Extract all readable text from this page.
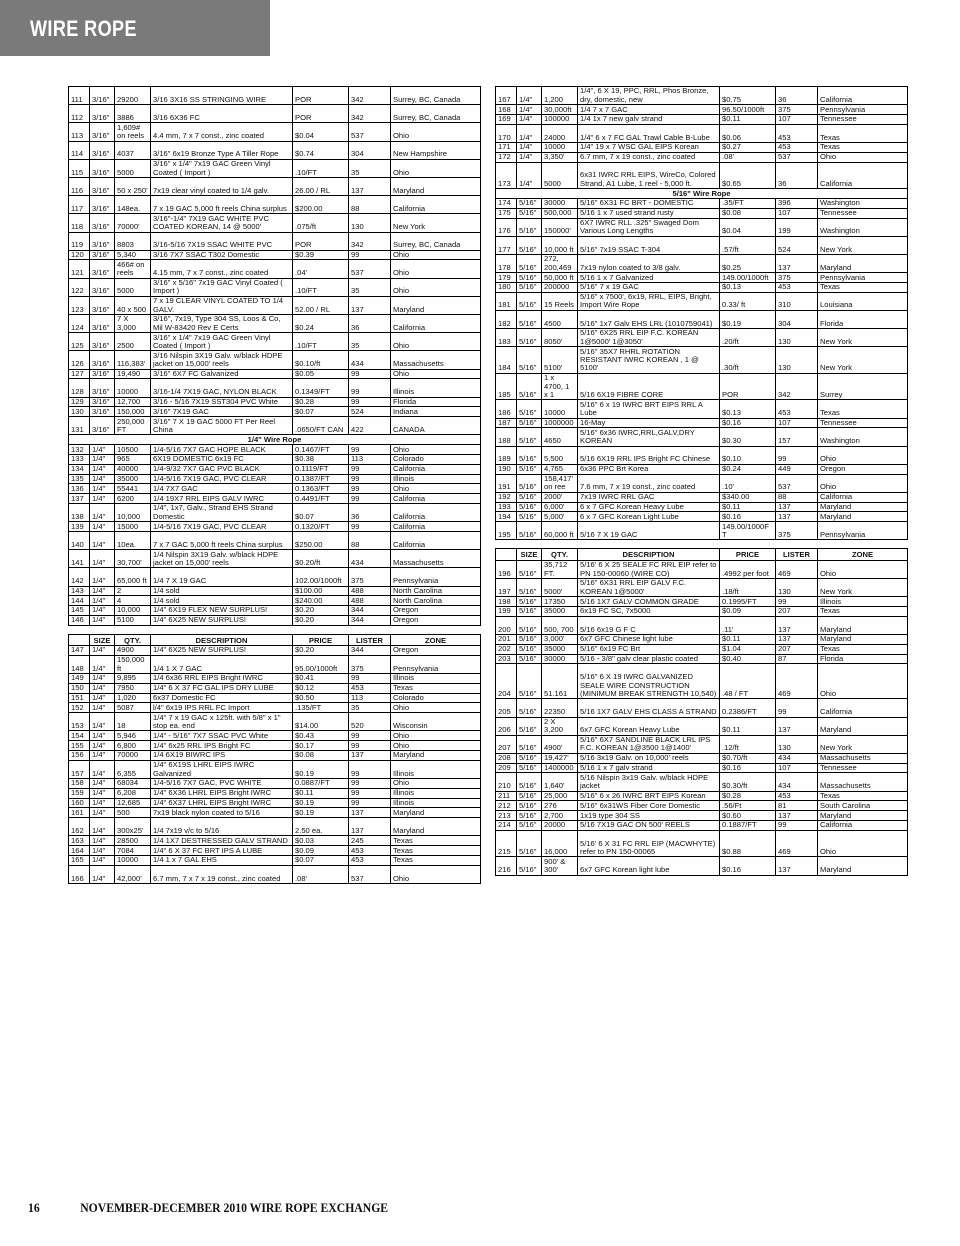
WIRE ROPE
111	3/16"	29200	3/16 3X16 SS STRINGING WIRE	POR	342	Surrey, BC, Canada
112	3/16"	3886	3/16 6X36 FC	POR	342	Surrey, BC, Canada
113	3/16"	1,609# on reels	4.4 mm, 7 x 7 const., zinc coated	$0.04	537	Ohio
114	3/16"	4037	3/16" 6x19 Bronze Type A Tiller Rope	$0.74	304	New Hampshire
115	3/16"	5000	3/16" x 1/4" 7x19 GAC Green Vinyl Coated ( Import )	.10/FT	35	Ohio
116	3/16"	50 x 250'	7x19 clear vinyl coated to 1/4 galv.	26.00 / RL	137	Maryland
117	3/16"	148ea.	7 x 19 GAC 5,000 ft reels China surplus	$200.00	88	California
118	3/16"	70000'	3/16"-1/4" 7X19 GAC WHITE PVC COATED KOREAN, 14 @ 5000'	.075/ft	130	New York
119	3/16"	8803	3/16-5/16 7X19 SSAC WHITE PVC	POR	342	Surrey, BC, Canada
120	3/16"	5,340	3/16 7X7 SSAC T302 Domestic	$0.39	99	Ohio
121	3/16"	466# on reels	4.15 mm, 7 x 7 const., zinc coated	.04'	537	Ohio
122	3/16"	5000	3/16" x 5/16" 7x19 GAC Vinyl Coated ( Import )	.10/FT	35	Ohio
123	3/16"	40 x 500	7 x 19 CLEAR VINYL COATED TO 1/4 GALV.	52.00 / RL	137	Maryland
124	3/16"	7 X 3,000	3/16", 7x19, Type 304 SS, Loos & Co, Mil W-83420 Rev E Certs	$0.24	36	California
125	3/16"	2500	3/16" x 1/4" 7x19 GAC Green Vinyl Coated ( Import )	.10/FT	35	Ohio
126	3/16"	116,383'	3/16 Nilspin 3X19 Galv. w/black HDPE jacket on 15,000' reels	$0.10/ft	434	Massachusetts
127	3/16"	19,490	3/16" 6X7 FC Galvanized	$0.05	99	Ohio
128	3/16"	10000	3/16-1/4 7X19 GAC, NYLON BLACK	0.1349/FT	99	Illinois
129	3/16"	12,700	3/16 - 5/16 7X19 SST304 PVC White	$0.28	99	Florida
130	3/16"	150,000	3/16" 7X19 GAC	$0.07	524	Indiana
131	3/16"	250,000 FT	3/16" 7 X 19 GAC 5000 FT Per Reel China	.0650/FT CAN	422	CANADA
1/4" Wire Rope						
132	1/4"	10500	1/4-5/16 7X7 GAC HOPE BLACK	0.1467/FT	99	Ohio
133	1/4"	965	6X19 DOMESTIC 6x19 FC	$0.38	113	Colorado
134	1/4"	40000	1/4-9/32 7X7 GAC PVC BLACK	0.1119/FT	99	California
135	1/4"	35000	1/4-5/16 7X19 GAC, PVC CLEAR	0.1387/FT	99	Illinois
136	1/4"	55441	1/4 7X7 GAC	0.1363/FT	99	Ohio
137	1/4"	6200	1/4 19X7 RRL EIPS GALV IWRC	0.4491/FT	99	California
138	1/4"	10,000	1/4", 1x7, Galv., Strand EHS Strand Domestic	$0.07	36	California
139	1/4"	15000	1/4-5/16 7X19 GAC, PVC CLEAR	0.1320/FT	99	California
140	1/4"	10ea.	7 x 7 GAC 5,000 ft reels China surplus	$250.00	88	California
141	1/4"	30,700'	1/4 Nilspin 3X19 Galv. w/black HDPE jacket on 15,000' reels	$0.20/ft	434	Massachusetts
142	1/4"	65,000 ft	1/4 7 X 19 GAC	102.00/1000ft	375	Pennsylvania
143	1/4"	2	1/4 sold	$100.00	488	North Carolina
144	1/4"	4	1/4 sold	$240.00	488	North Carolina
145	1/4"	10,000	1/4" 6X19 FLEX NEW SURPLUS!	$0.20	344	Oregon
146	1/4"	5100	1/4" 6X25 NEW SURPLUS!	$0.20	344	Oregon

	SIZE	QTY.	DESCRIPTION	PRICE	LISTER	ZONE
147	1/4"	4900	1/4" 6X25 NEW SURPLUS!	$0.20	344	Oregon
148	1/4"	150,000 ft	1/4 1 X 7 GAC	95.00/1000ft	375	Pennsylvania
149	1/4"	9,895	1/4 6x36 RRL EIPS Bright IWRC	$0.41	99	Illinois
150	1/4"	7950	1/4" 6 X 37 FC GAL IPS DRY LUBE	$0.12	453	Texas
151	1/4"	1,020	6x37 Domestic FC	$0.50	113	Colorado
152	1/4"	5087	l/4" 6x19 IPS RRL FC Import	.135/FT	35	Ohio
153	1/4"	18	1/4" 7 x 19 GAC x 125ft. with 5/8" x 1" stop ea. end	$14.00	520	Wisconsin
154	1/4"	5,946	1/4" - 5/16" 7X7 SSAC PVC White	$0.43	99	Ohio
155	1/4"	6,800	1/4" 6x25 RRL IPS Bright FC	$0.17	99	Ohio
156	1/4"	70000	1/4 6X19 BIWRC IPS	$0.08	137	Maryland
157	1/4"	6,355	1/4" 6X19S LHRL EIPS IWRC Galvanized	$0.19	99	Illinois
158	1/4"	68034	1/4-5/16 7X7 GAC, PVC WHITE	0.0887/FT	99	Ohio
159	1/4"	6,208	1/4" 6X36 LHRL EIPS Bright IWRC	$0.11	99	Illinois
160	1/4"	12,685	1/4" 6X37 LHRL EIPS Bright IWRC	$0.19	99	Illinois
161	1/4"	500	7x19 black nylon coated to 5/16	$0.19	137	Maryland
162	1/4"	300x25'	1/4 7x19 v/c to 5/16	2.50 ea.	137	Maryland
163	1/4"	28500	1/4 1X7 DESTRESSED GALV STRAND	$0.03	245	Texas
164	1/4"	7084	1/4" 6 X 37 FC BRT IPS A LUBE	$0.09	453	Texas
165	1/4"	10000	1/4 1 x 7 GAL EHS	$0.07	453	Texas
166	1/4"	42,000'	6.7 mm, 7 x 7 x 19 const., zinc coated	.08'	537	Ohio
167	1/4"	1,200	1/4", 6 X 19, PPC, RRL, Phos Bronze, dry, domestic, new	$0.75	36	California
168	1/4"	30,000ft	1/4 7 x 7 GAC	96.50/1000ft	375	Pennsylvania
169	1/4"	100000	1/4 1x 7 new galv strand	$0.11	107	Tennessee
170	1/4"	24000	1/4" 6 x 7 FC GAL Trawl Cable B-Lube	$0.06	453	Texas
171	1/4"	10000	1/4" 19 x 7 WSC GAL EIPS Korean	$0.27	453	Texas
172	1/4"	3,350'	6.7 mm, 7 x 19 const., zinc coated	.08'	537	Ohio
173	1/4"	5000	6x31 IWRC RRL EIPS, WireCo, Colored Strand, A1 Lube, 1 reel - 5,000 ft.	$0.65	36	California
5/16" Wire Rope						
174	5/16"	30000	5/16" 6X31 FC BRT - DOMESTIC	.35/FT	396	Washington
175	5/16"	500,000	5/16 1 x 7 used strand rusty	$0.08	107	Tennessee
176	5/16"	150000'	6X7 IWRC RLL .325" Swaged Dom Various Long Lengths	$0.04	199	Washington
177	5/16"	10,000 ft	5/16" 7x19 SSAC T-304	.57/ft	524	New York
178	5/16"	272, 200,469	7x19 nylon coated to 3/8 galv.	$0.25	137	Maryland
179	5/16"	50,000 ft	5/16 1 x 7 Galvanized	149.00/1000ft	375	Pennsylvania
180	5/16"	200000	5/16" 7 x 19 GAC	$0.13	453	Texas
181	5/16"	15 Reels	5/16" x 7500', 6x19, RRL, EIPS, Bright, Import Wire Rope	0.33/ ft	310	Louisiana
182	5/16"	4500	5/16" 1x7 Galv EHS LRL (1010759041)	$0.19	304	Florida
183	5/16"	8050'	5/16" 6X25 RRL EIP F.C. KOREAN 1@5000' 1@3050'	.20/ft	130	New York
184	5/16"	5100'	5/16" 35X7 RHRL ROTATION RESISTANT IWRC KOREAN , 1 @ 5100'	.30/ft	130	New York
185	5/16"	1 x 4700, 1 x 1	5/16 6X19 FIBRE CORE	POR	342	Surrey
186	5/16"	10000	5/16" 6 x 19 IWRC BRT EIPS RRL A Lube	$0.13	453	Texas
187	5/16"	1000000	16-May	$0.16	107	Tennessee
188	5/16"	4650	5/16" 6x36 IWRC,RRL,GALV,DRY KOREAN	$0.30	157	Washington
189	5/16"	5,500	5/16 6X19 RRL IPS Bright FC Chinese	$0.10	99	Ohio
190	5/16"	4,765	6x36 PPC Brt Korea	$0.24	449	Oregon
191	5/16"	158,417' on ree	7.6 mm, 7 x 19 const., zinc coated	.10'	537	Ohio
192	5/16"	2000'	7x19 IWRC RRL GAC	$340.00	88	California
193	5/16"	6,000'	6 x 7 GFC Korean Heavy Lube	$0.11	137	Maryland
194	5/16"	5,000'	6 x 7 GFC Korean Light Lube	$0.16	137	Maryland
195	5/16"	60,000 ft	5/16 7 X 19 GAC	149.00/1000FT	375	Pennsylvania

	SIZE	QTY.	DESCRIPTION	PRICE	LISTER	ZONE
196	5/16"	35,712 FT.	5/16' 6 X 25 SEALE FC RRL EIP refer to PN 150-00060 (WIRE CO)	.4992 per foot	469	Ohio
197	5/16"	5000'	5/16" 6X31 RRL EIP GALV F.C. KOREAN 1@5000'	.18/ft	130	New York
198	5/16"	17350	5/16 1X7 GALV COMMON GRADE	0.1995/FT	99	Illinois
199	5/16"	35000	6x19 FC SC, 7x5000	$0.09	207	Texas
200	5/16"	500, 700	5/16 6x19 G F C	.11'	137	Maryland
201	5/16"	3,000'	6x7 GFC Chinese light lube	$0.11	137	Maryland
202	5/16"	35000	5/16" 6x19 FC Brt	$1.04	207	Texas
203	5/16"	30000	5/16 - 3/8" galv clear plastic coated	$0.40	87	Florida
204	5/16"	51.161	5/16" 6 X 19 IWRC GALVANIZED SEALE WIRE CONSTRUCTION (MINIMUM BREAK STRENGTH 10,540)	.48 / FT	469	Ohio
205	5/16"	22350	5/16 1X7 GALV EHS CLASS A STRAND	0.2386/FT	99	California
206	5/16"	2 X 3,200	6x7 GFC Korean Heavy Lube	$0.11	137	Maryland
207	5/16"	4900'	5/16" 6X7 SANDLINE BLACK LRL IPS F.C. KOREAN 1@3500 1@1400'	.12/ft	130	New York
208	5/16"	19,427'	5/16 3x19 Galv. on 10,000' reels	$0.70/ft	434	Massachusetts
209	5/16"	1400000	5/16 1 x 7 galv strand	$0.16	107	Tennessee
210	5/16"	1,640'	5/16 Nilspin 3x19 Galv. w/black HDPE jacket	$0.30/ft	434	Massachusetts
211	5/16"	25,000	5/16" 6 x 26 IWRC BRT EIPS Korean	$0.28	453	Texas
212	5/16"	276	5/16" 6x31WS Fiber Core Domestic	.56/Ft	81	South Carolina
213	5/16"	2,700	1x19 type 304 SS	$0.60	137	Maryland
214	5/16"	20000	5/16 7X19 GAC ON 500' REELS	0.1887/FT	99	California
215	5/16"	16,000	5/16' 6 X 31 FC RRL EIP (MACWHYTE) refer to PN 150-00065	$0.88	469	Ohio
216	5/16"	900' & 300'	6x7 GFC Korean light lube	$0.16	137	Maryland
16	NOVEMBER-DECEMBER 2010 WIRE ROPE EXCHANGE
